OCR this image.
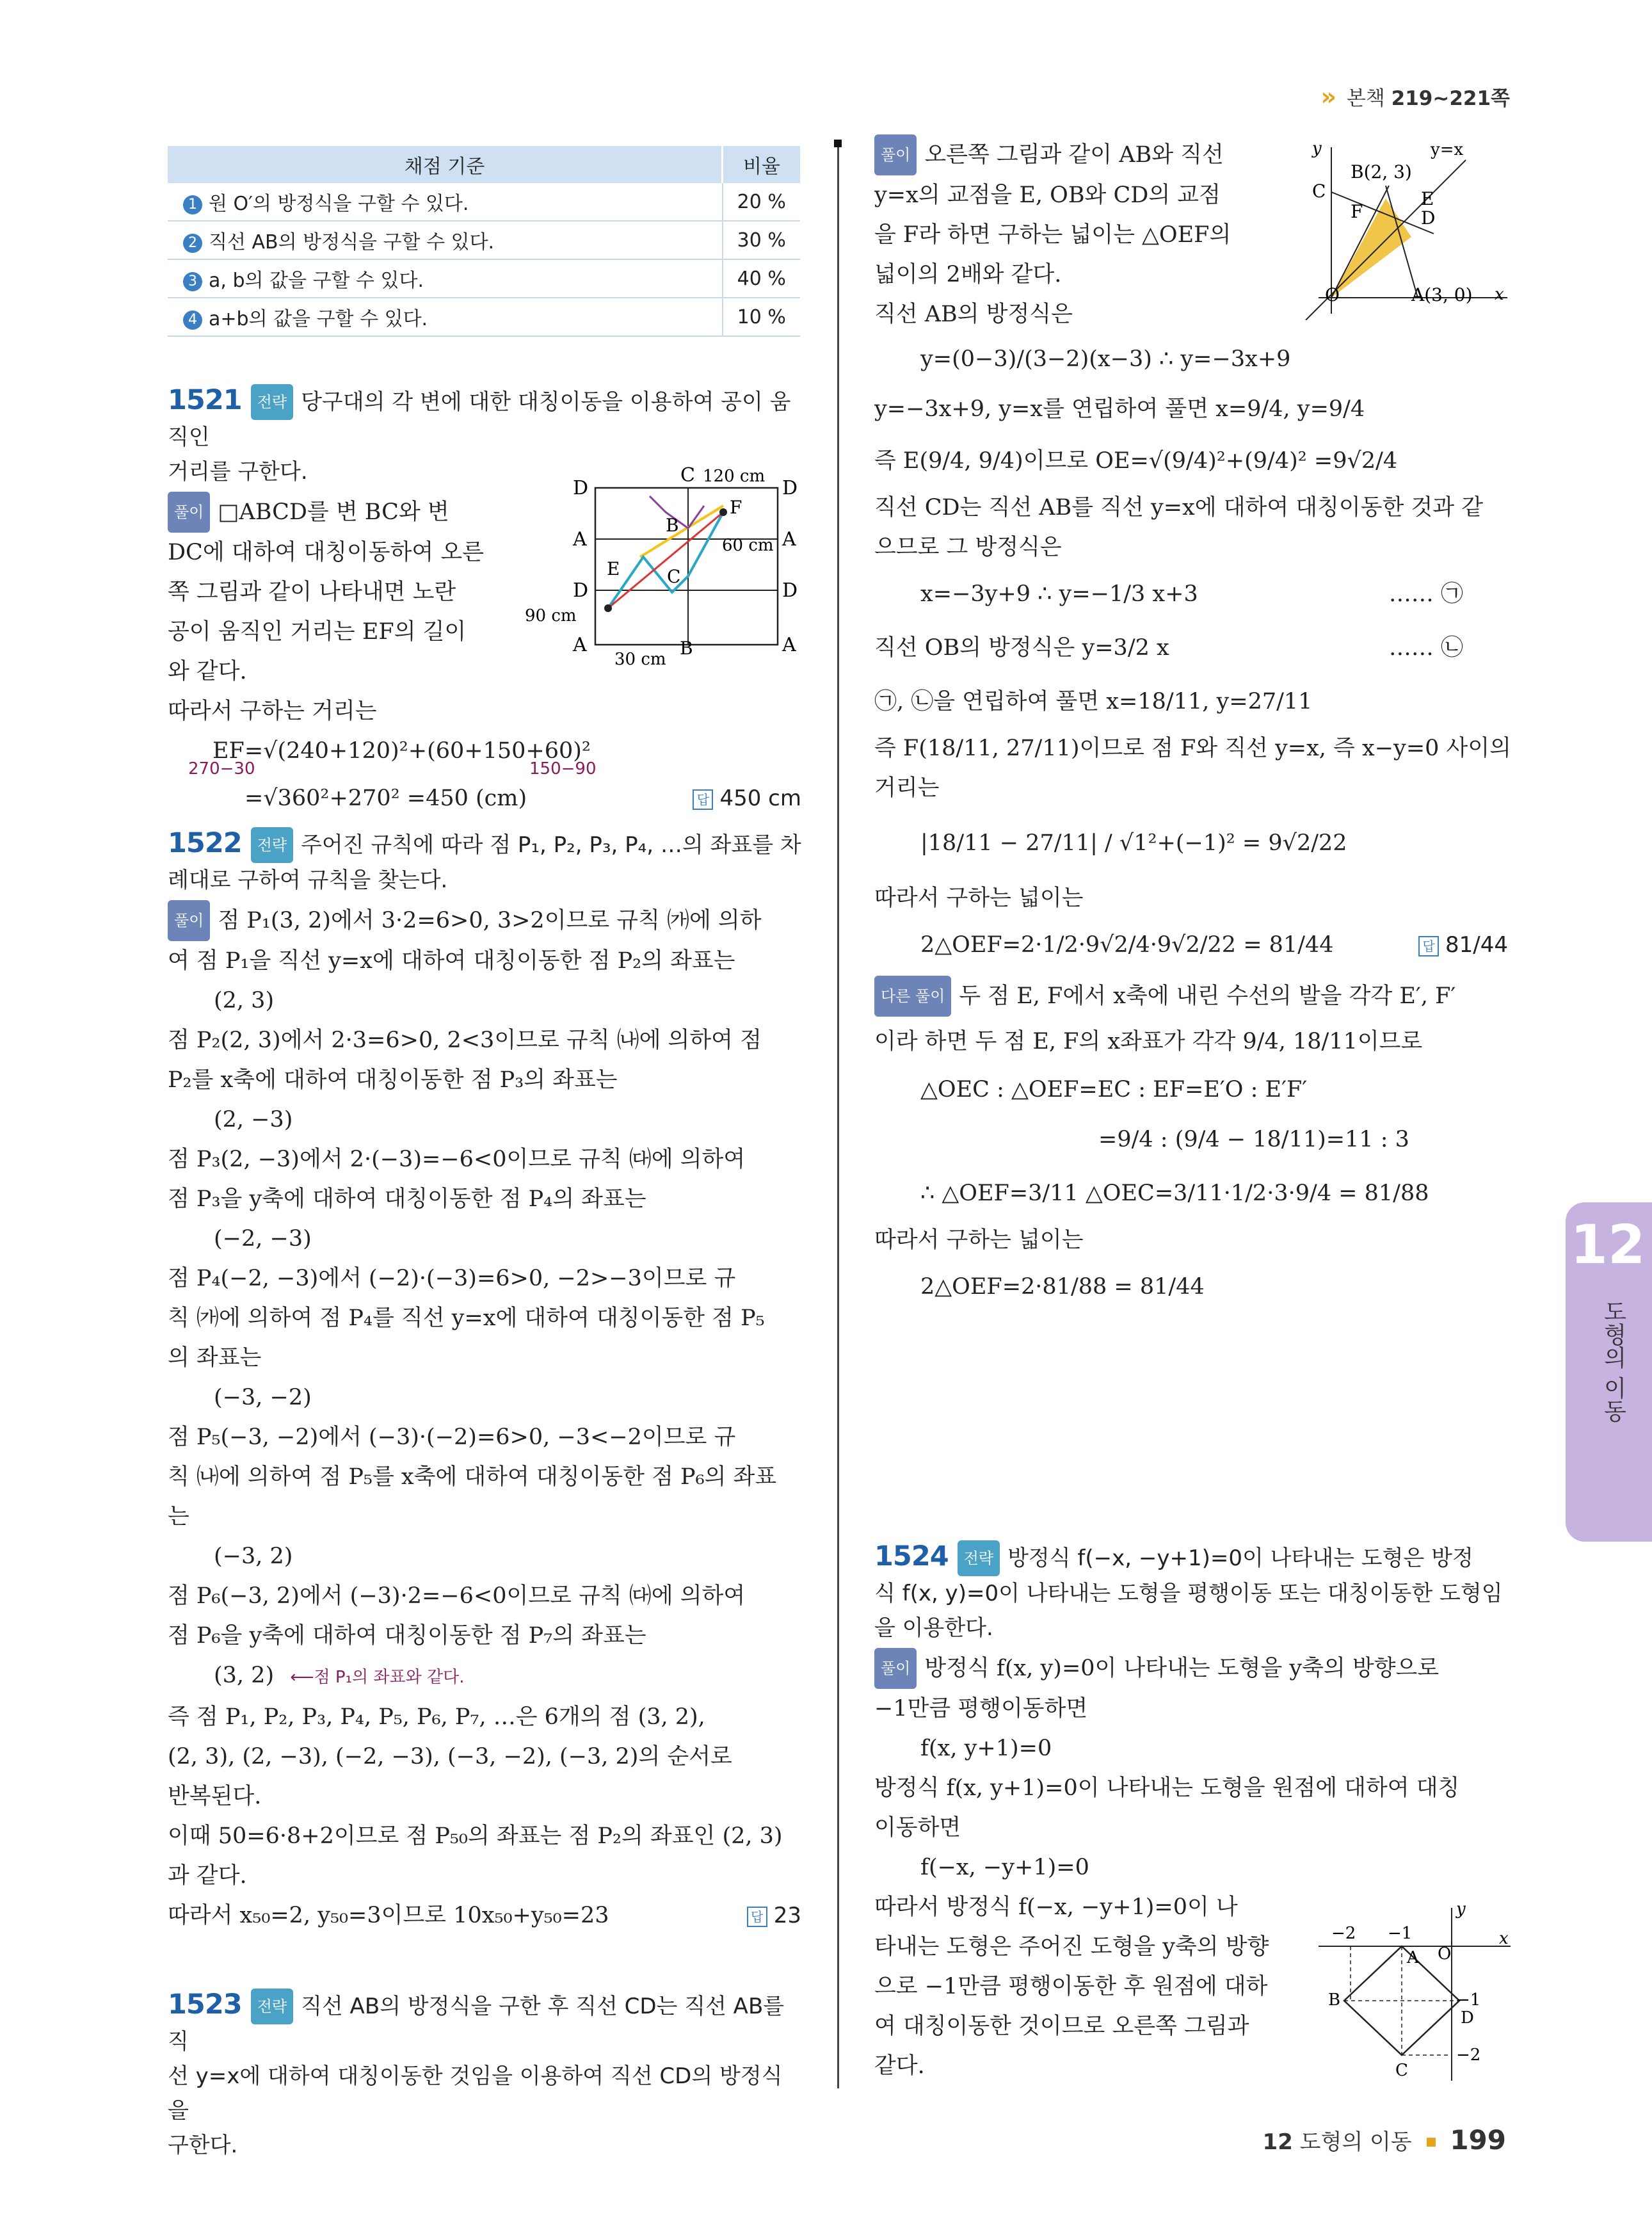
» 본책 219~221쪽
채점 기준	비율
1 원 O′의 방정식을 구할 수 있다.	20 %
2 직선 AB의 방정식을 구할 수 있다.	30 %
3 a, b의 값을 구할 수 있다.	40 %
4 a+b의 값을 구할 수 있다.	10 %
1521 전략 당구대의 각 변에 대한 대칭이동을 이용하여 공이 움직인
거리를 구한다.
풀이 □ABCD를 변 BC와 변
DC에 대하여 대칭이동하여 오른
쪽 그림과 같이 나타내면 노란
공이 움직인 거리는 EF의 길이
와 같다.
따라서 구하는 거리는
EF=√(240+120)²+(60+150+60)²
270−30	150−90
=√360²+270² =450 (cm)	답 450 cm
D
C 120 cm
D
A
B
F
60 cm A
E	C
D	D
90 cm
A	B
30 cm
A
1522 전략 주어진 규칙에 따라 점 P₁, P₂, P₃, P₄, …의 좌표를 차
례대로 구하여 규칙을 찾는다.
풀이 점 P₁(3, 2)에서 3·2=6>0, 3>2이므로 규칙 ㈎에 의하
여 점 P₁을 직선 y=x에 대하여 대칭이동한 점 P₂의 좌표는
(2, 3)
점 P₂(2, 3)에서 2·3=6>0, 2<3이므로 규칙 ㈏에 의하여 점
P₂를 x축에 대하여 대칭이동한 점 P₃의 좌표는
(2, −3)
점 P₃(2, −3)에서 2·(−3)=−6<0이므로 규칙 ㈐에 의하여
점 P₃을 y축에 대하여 대칭이동한 점 P₄의 좌표는
(−2, −3)
점 P₄(−2, −3)에서 (−2)·(−3)=6>0, −2>−3이므로 규
칙 ㈎에 의하여 점 P₄를 직선 y=x에 대하여 대칭이동한 점 P₅
의 좌표는
(−3, −2)
점 P₅(−3, −2)에서 (−3)·(−2)=6>0, −3<−2이므로 규
칙 ㈏에 의하여 점 P₅를 x축에 대하여 대칭이동한 점 P₆의 좌표
는
(−3, 2)
점 P₆(−3, 2)에서 (−3)·2=−6<0이므로 규칙 ㈐에 의하여
점 P₆을 y축에 대하여 대칭이동한 점 P₇의 좌표는
(3, 2) ⟵점 P₁의 좌표와 같다.
즉 점 P₁, P₂, P₃, P₄, P₅, P₆, P₇, …은 6개의 점 (3, 2),
(2, 3), (2, −3), (−2, −3), (−3, −2), (−3, 2)의 순서로
반복된다.
이때 50=6·8+2이므로 점 P₅₀의 좌표는 점 P₂의 좌표인 (2, 3)
과 같다.
따라서 x₅₀=2, y₅₀=3이므로 10x₅₀+y₅₀=23	답 23
1523 전략 직선 AB의 방정식을 구한 후 직선 CD는 직선 AB를 직
선 y=x에 대하여 대칭이동한 것임을 이용하여 직선 CD의 방정식을
구한다.
풀이 오른쪽 그림과 같이 AB와 직선
y=x의 교점을 E, OB와 CD의 교점
을 F라 하면 구하는 넓이는 △OEF의
넓이의 2배와 같다.
직선 AB의 방정식은
y=(0−3)/(3−2)(x−3) ∴ y=−3x+9
y=−3x+9, y=x를 연립하여 풀면 x=9/4, y=9/4
즉 E(9/4, 9/4)이므로 OE=√(9/4)²+(9/4)² =9√2/4
직선 CD는 직선 AB를 직선 y=x에 대하여 대칭이동한 것과 같
으므로 그 방정식은
x=−3y+9 ∴ y=−1/3 x+3	…… ㉠
직선 OB의 방정식은 y=3/2 x	…… ㉡
㉠, ㉡을 연립하여 풀면 x=18/11, y=27/11
즉 F(18/11, 27/11)이므로 점 F와 직선 y=x, 즉 x−y=0 사이의
거리는
|18/11 − 27/11| / √1²+(−1)² = 9√2/22
따라서 구하는 넓이는
2△OEF=2·1/2·9√2/4·9√2/22 = 81/44	답 81/44
다른 풀이 두 점 E, F에서 x축에 내린 수선의 발을 각각 E′, F′
이라 하면 두 점 E, F의 x좌표가 각각 9/4, 18/11이므로
△OEC : △OEF=EC : EF=E′O : E′F′
=9/4 : (9/4 − 18/11)=11 : 3
∴ △OEF=3/11 △OEC=3/11·1/2·3·9/4 = 81/88
따라서 구하는 넓이는
2△OEF=2·81/88 = 81/44
y	y=x
B(2, 3)
C	E
F	D
O	A(3, 0) x
1524 전략 방정식 f(−x, −y+1)=0이 나타내는 도형은 방정
식 f(x, y)=0이 나타내는 도형을 평행이동 또는 대칭이동한 도형임
을 이용한다.
풀이 방정식 f(x, y)=0이 나타내는 도형을 y축의 방향으로
−1만큼 평행이동하면
f(x, y+1)=0
방정식 f(x, y+1)=0이 나타내는 도형을 원점에 대하여 대칭
이동하면
f(−x, −y+1)=0
따라서 방정식 f(−x, −y+1)=0이 나
타내는 도형은 주어진 도형을 y축의 방향
으로 −1만큼 평행이동한 후 원점에 대하
여 대칭이동한 것이므로 오른쪽 그림과
같다.
y
x
−2 −1
O
A
B
C
D
−1
−2
12
도형의 이동
12 도형의 이동 199
